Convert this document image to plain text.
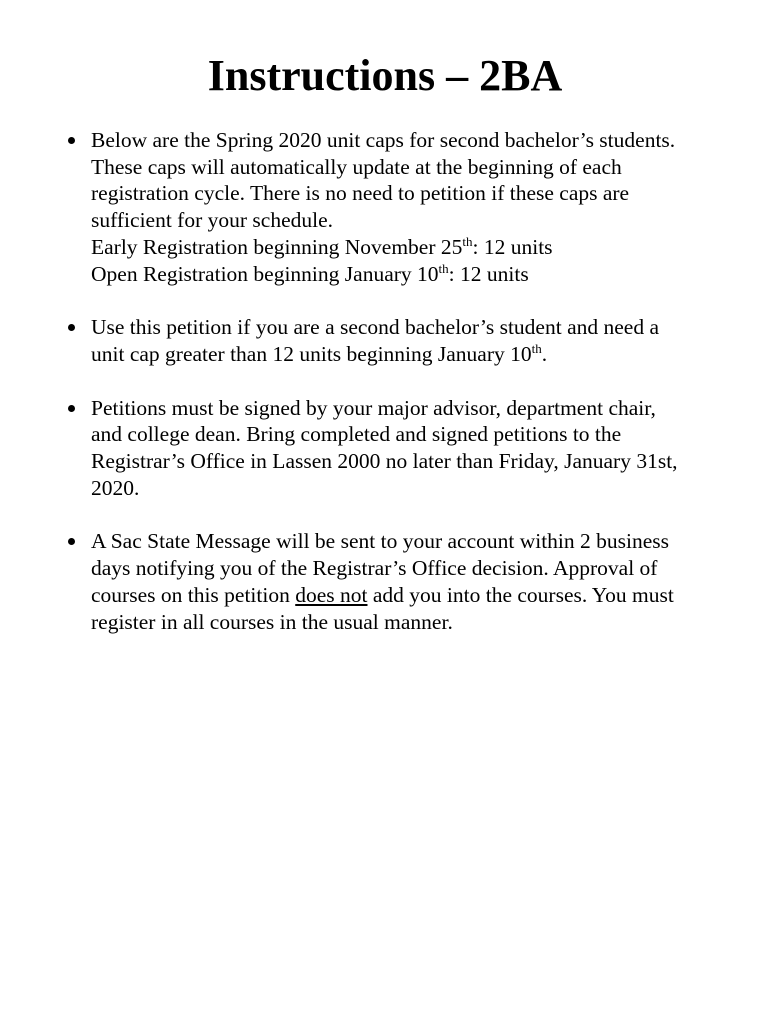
Instructions – 2BA
Below are the Spring 2020 unit caps for second bachelor’s students.
These caps will automatically update at the beginning of each
registration cycle. There is no need to petition if these caps are
sufficient for your schedule.
Early Registration beginning November 25th: 12 units
Open Registration beginning January 10th: 12 units
Use this petition if you are a second bachelor’s student and need a
unit cap greater than 12 units beginning January 10th.
Petitions must be signed by your major advisor, department chair,
and college dean. Bring completed and signed petitions to the
Registrar’s Office in Lassen 2000 no later than Friday, January 31st,
2020.
A Sac State Message will be sent to your account within 2 business
days notifying you of the Registrar’s Office decision. Approval of
courses on this petition does not add you into the courses. You must
register in all courses in the usual manner.
